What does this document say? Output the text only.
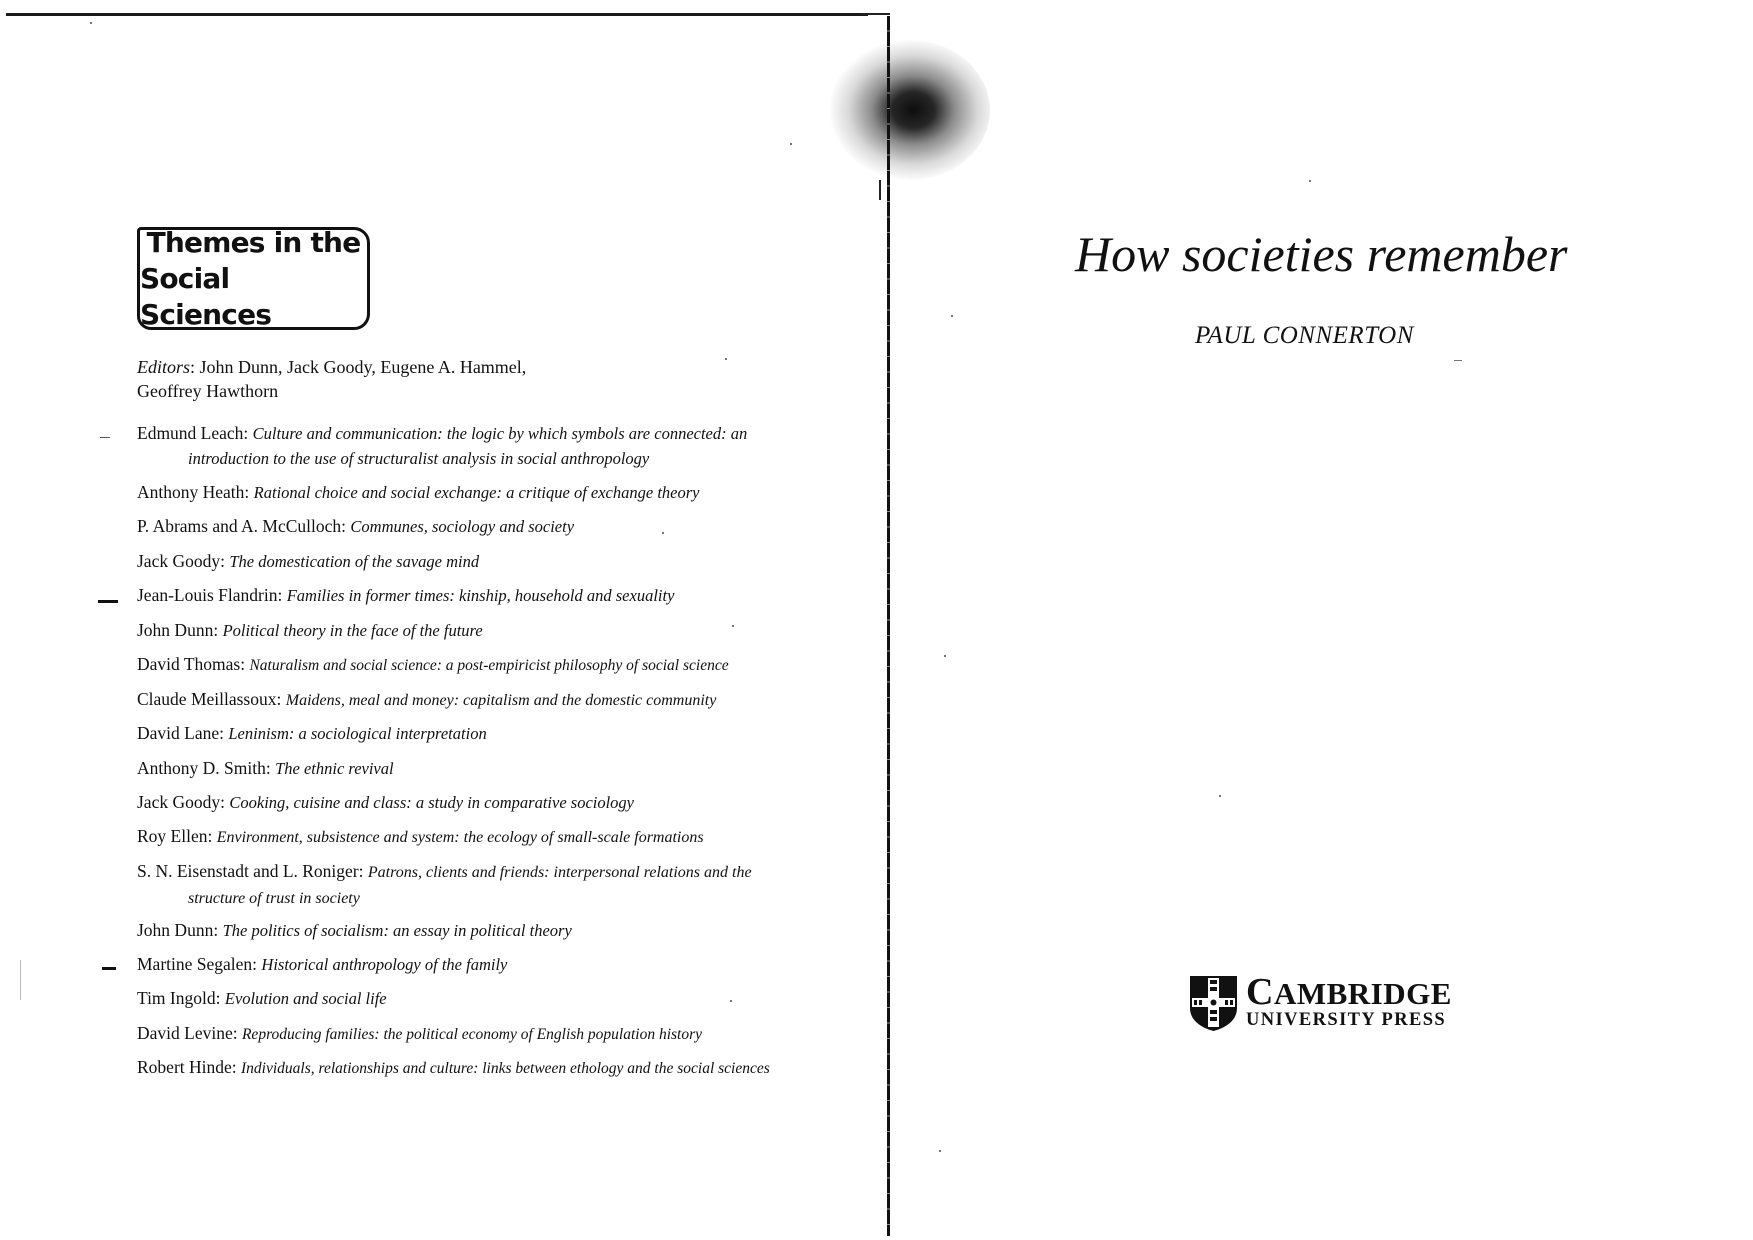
Themes in the
Social Sciences
Editors: John Dunn, Jack Goody, Eugene A. Hammel,
Geoffrey Hawthorn
Edmund Leach: Culture and communication: the logic by which symbols are connected: an introduction to the use of structuralist analysis in social anthropology
Anthony Heath: Rational choice and social exchange: a critique of exchange theory
P. Abrams and A. McCulloch: Communes, sociology and society
Jack Goody: The domestication of the savage mind
Jean-Louis Flandrin: Families in former times: kinship, household and sexuality
John Dunn: Political theory in the face of the future
David Thomas: Naturalism and social science: a post-empiricist philosophy of social science
Claude Meillassoux: Maidens, meal and money: capitalism and the domestic community
David Lane: Leninism: a sociological interpretation
Anthony D. Smith: The ethnic revival
Jack Goody: Cooking, cuisine and class: a study in comparative sociology
Roy Ellen: Environment, subsistence and system: the ecology of small-scale formations
S. N. Eisenstadt and L. Roniger: Patrons, clients and friends: interpersonal relations and the structure of trust in society
John Dunn: The politics of socialism: an essay in political theory
Martine Segalen: Historical anthropology of the family
Tim Ingold: Evolution and social life
David Levine: Reproducing families: the political economy of English population history
Robert Hinde: Individuals, relationships and culture: links between ethology and the social sciences
How societies remember
PAUL CONNERTON
CAMBRIDGE
UNIVERSITY PRESS
